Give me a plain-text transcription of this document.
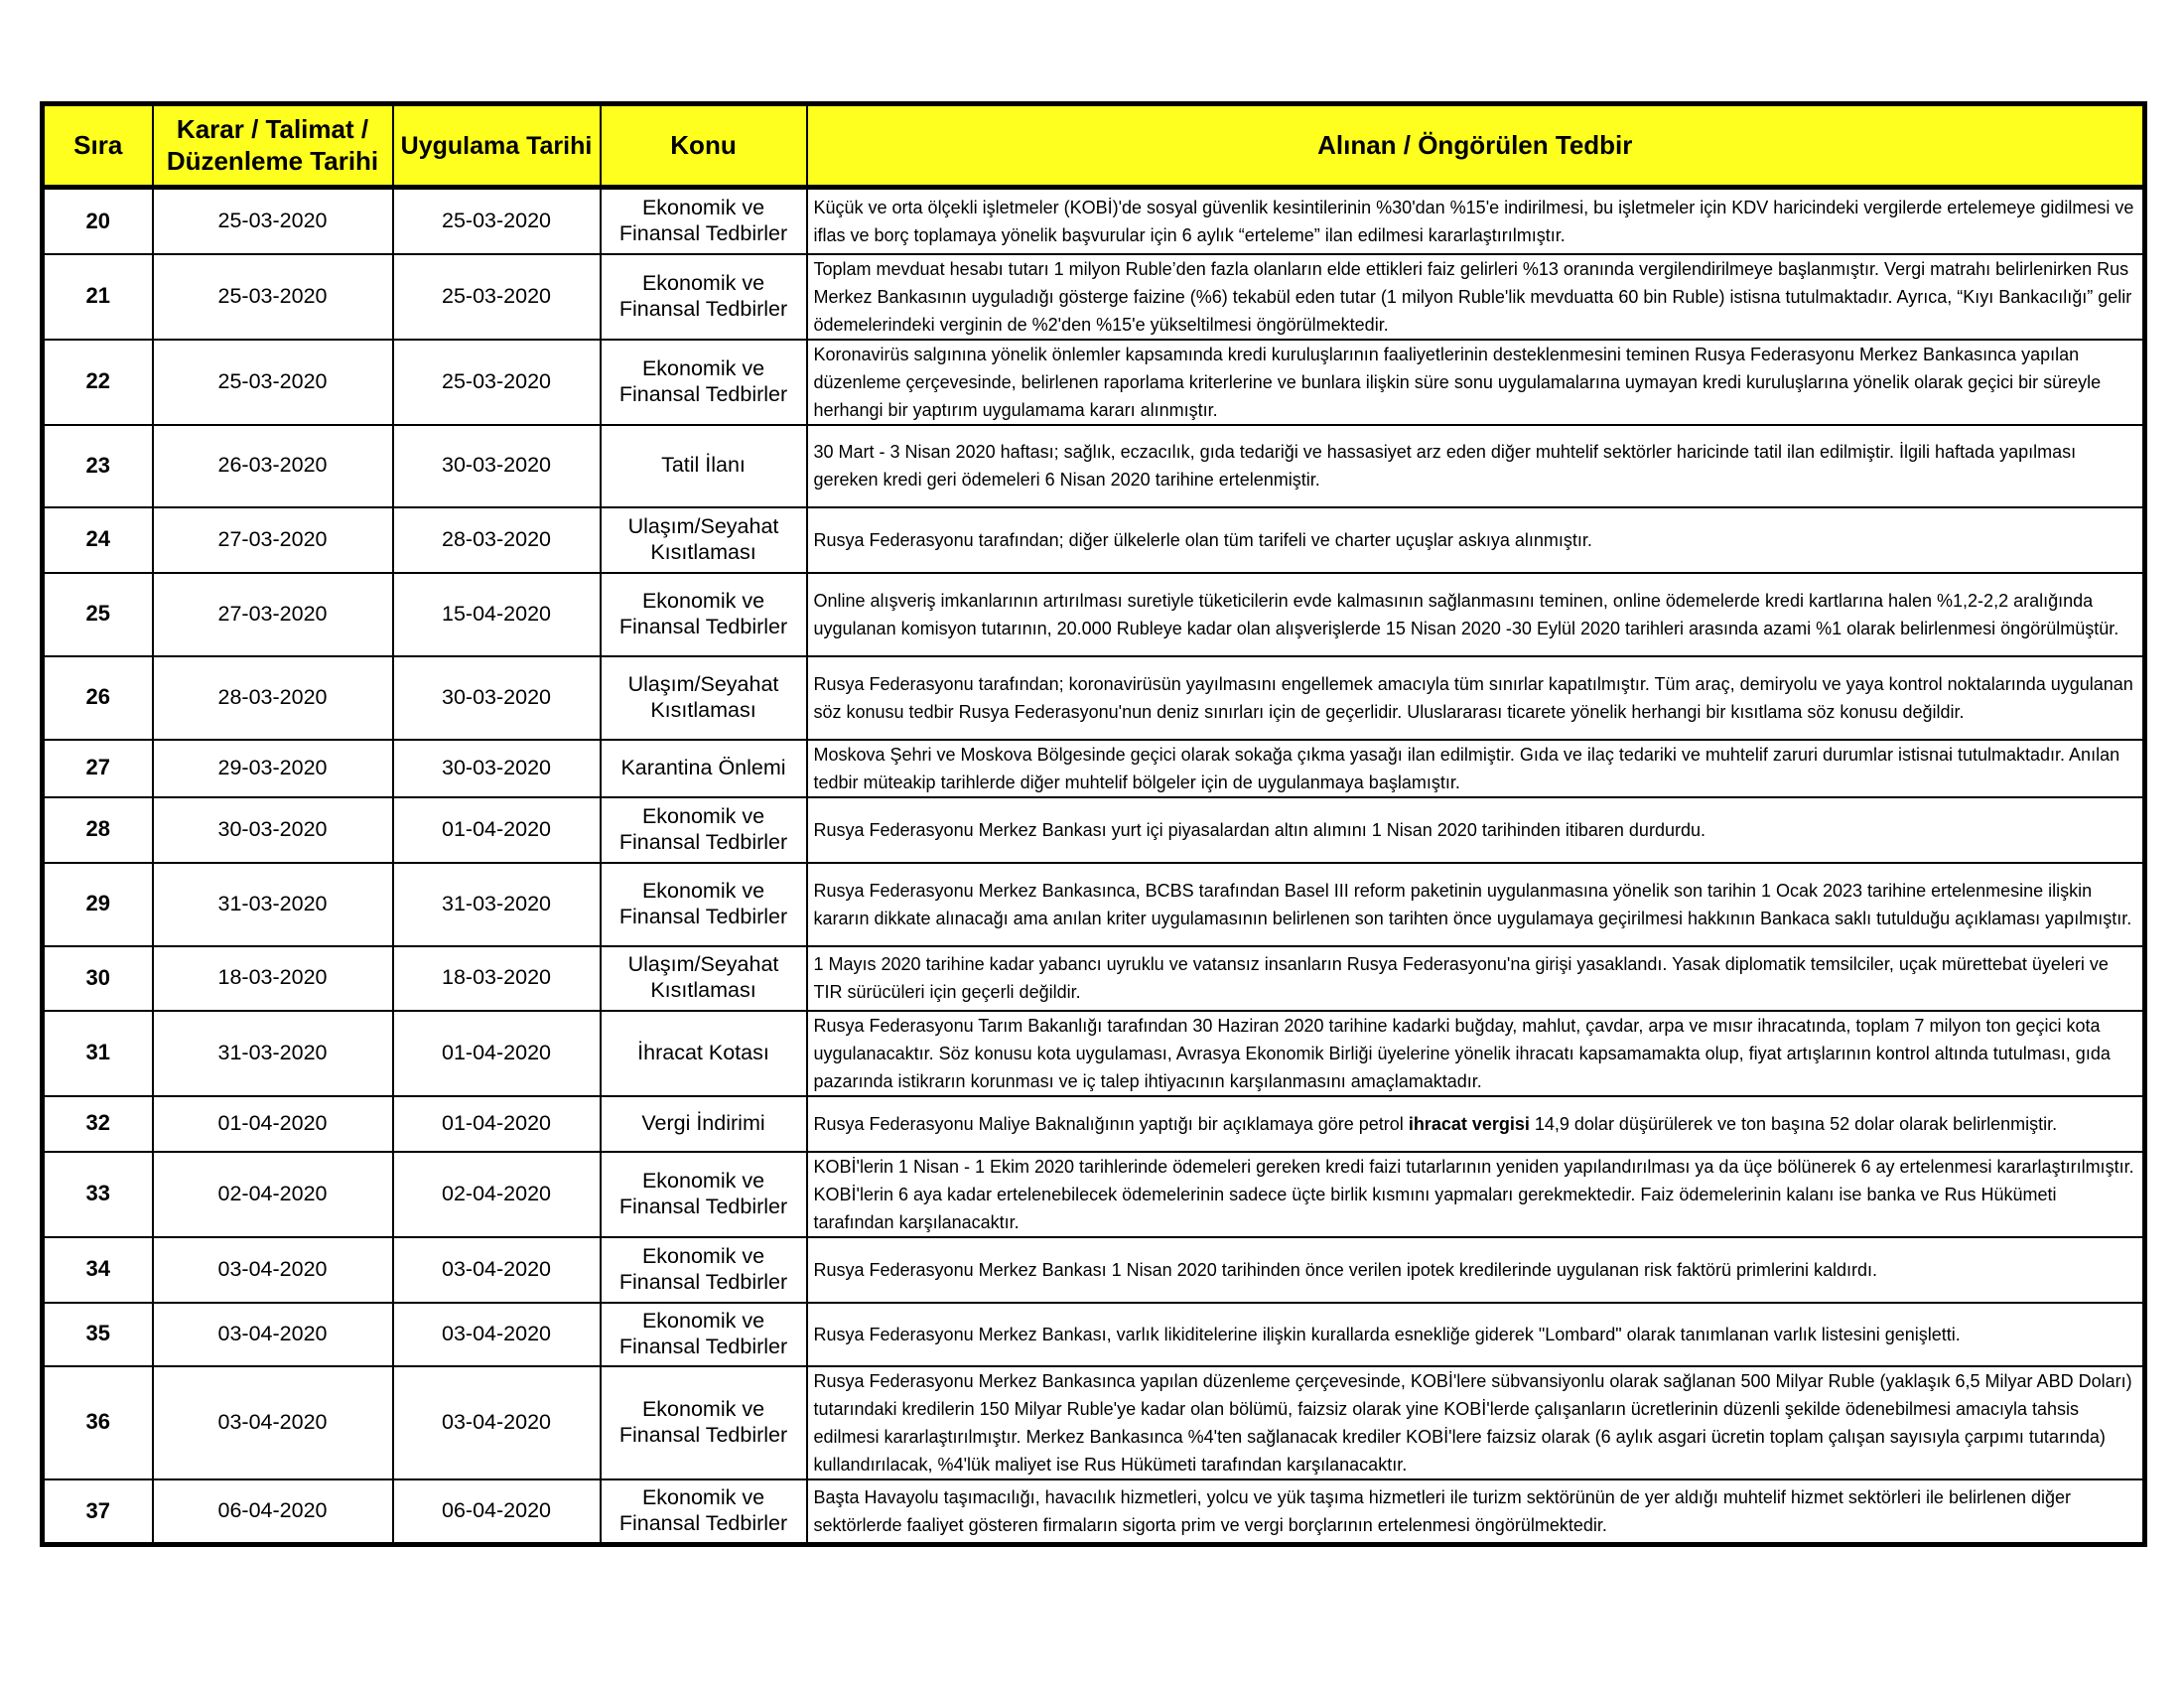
Sıra	Karar / Talimat /
Düzenleme Tarihi	Uygulama Tarihi	Konu	Alınan / Öngörülen Tedbir
20	25-03-2020	25-03-2020	Ekonomik ve Finansal Tedbirler	Küçük ve orta ölçekli işletmeler (KOBİ)'de sosyal güvenlik kesintilerinin %30'dan %15'e indirilmesi, bu işletmeler için KDV haricindeki vergilerde ertelemeye gidilmesi ve iflas ve borç toplamaya yönelik başvurular için 6 aylık “erteleme” ilan edilmesi kararlaştırılmıştır.
21	25-03-2020	25-03-2020	Ekonomik ve Finansal Tedbirler	Toplam mevduat hesabı tutarı 1 milyon Ruble’den fazla olanların elde ettikleri faiz gelirleri %13 oranında vergilendirilmeye başlanmıştır. Vergi matrahı belirlenirken Rus Merkez Bankasının uyguladığı gösterge faizine (%6) tekabül eden tutar (1 milyon Ruble'lik mevduatta 60 bin Ruble) istisna tutulmaktadır. Ayrıca, “Kıyı Bankacılığı” gelir ödemelerindeki verginin de %2'den %15'e yükseltilmesi öngörülmektedir.
22	25-03-2020	25-03-2020	Ekonomik ve Finansal Tedbirler	Koronavirüs salgınına yönelik önlemler kapsamında kredi kuruluşlarının faaliyetlerinin desteklenmesini teminen Rusya Federasyonu Merkez Bankasınca yapılan düzenleme çerçevesinde, belirlenen raporlama kriterlerine ve bunlara ilişkin süre sonu uygulamalarına uymayan kredi kuruluşlarına yönelik olarak geçici bir süreyle herhangi bir yaptırım uygulamama kararı alınmıştır.
23	26-03-2020	30-03-2020	Tatil İlanı	30 Mart - 3 Nisan 2020 haftası; sağlık, eczacılık, gıda tedariği ve hassasiyet arz eden diğer muhtelif sektörler haricinde tatil ilan edilmiştir. İlgili haftada yapılması gereken kredi geri ödemeleri 6 Nisan 2020 tarihine ertelenmiştir.
24	27-03-2020	28-03-2020	Ulaşım/Seyahat Kısıtlaması	Rusya Federasyonu tarafından; diğer ülkelerle olan tüm tarifeli ve charter uçuşlar askıya alınmıştır.
25	27-03-2020	15-04-2020	Ekonomik ve Finansal Tedbirler	Online alışveriş imkanlarının artırılması suretiyle tüketicilerin evde kalmasının sağlanmasını teminen, online ödemelerde kredi kartlarına halen %1,2-2,2 aralığında uygulanan komisyon tutarının, 20.000 Rubleye kadar olan alışverişlerde 15 Nisan 2020 -30 Eylül 2020 tarihleri arasında azami %1 olarak belirlenmesi öngörülmüştür.
26	28-03-2020	30-03-2020	Ulaşım/Seyahat Kısıtlaması	Rusya Federasyonu tarafından; koronavirüsün yayılmasını engellemek amacıyla tüm sınırlar kapatılmıştır. Tüm araç, demiryolu ve yaya kontrol noktalarında uygulanan söz konusu tedbir Rusya Federasyonu'nun deniz sınırları için de geçerlidir. Uluslararası ticarete yönelik herhangi bir kısıtlama söz konusu değildir.
27	29-03-2020	30-03-2020	Karantina Önlemi	Moskova Şehri ve Moskova Bölgesinde geçici olarak sokağa çıkma yasağı ilan edilmiştir. Gıda ve ilaç tedariki ve muhtelif zaruri durumlar istisnai tutulmaktadır. Anılan tedbir müteakip tarihlerde diğer muhtelif bölgeler için de uygulanmaya başlamıştır.
28	30-03-2020	01-04-2020	Ekonomik ve Finansal Tedbirler	Rusya Federasyonu Merkez Bankası yurt içi piyasalardan altın alımını 1 Nisan 2020 tarihinden itibaren durdurdu.
29	31-03-2020	31-03-2020	Ekonomik ve Finansal Tedbirler	Rusya Federasyonu Merkez Bankasınca, BCBS tarafından Basel III reform paketinin uygulanmasına yönelik son tarihin 1 Ocak 2023 tarihine ertelenmesine ilişkin kararın dikkate alınacağı ama anılan kriter uygulamasının belirlenen son tarihten önce uygulamaya geçirilmesi hakkının Bankaca saklı tutulduğu açıklaması yapılmıştır.
30	18-03-2020	18-03-2020	Ulaşım/Seyahat Kısıtlaması	1 Mayıs 2020 tarihine kadar yabancı uyruklu ve vatansız insanların Rusya Federasyonu'na girişi yasaklandı. Yasak diplomatik temsilciler, uçak mürettebat üyeleri ve TIR sürücüleri için geçerli değildir.
31	31-03-2020	01-04-2020	İhracat Kotası	Rusya Federasyonu Tarım Bakanlığı tarafından 30 Haziran 2020 tarihine kadarki buğday, mahlut, çavdar, arpa ve mısır ihracatında, toplam 7 milyon ton geçici kota uygulanacaktır. Söz konusu kota uygulaması, Avrasya Ekonomik Birliği üyelerine yönelik ihracatı kapsamamakta olup, fiyat artışlarının kontrol altında tutulması, gıda pazarında istikrarın korunması ve iç talep ihtiyacının karşılanmasını amaçlamaktadır.
32	01-04-2020	01-04-2020	Vergi İndirimi	Rusya Federasyonu Maliye Baknalığının yaptığı bir açıklamaya göre petrol ihracat vergisi 14,9 dolar düşürülerek ve ton başına 52 dolar olarak belirlenmiştir.
33	02-04-2020	02-04-2020	Ekonomik ve Finansal Tedbirler	KOBİ'lerin 1 Nisan - 1 Ekim 2020 tarihlerinde ödemeleri gereken kredi faizi tutarlarının yeniden yapılandırılması ya da üçe bölünerek 6 ay ertelenmesi kararlaştırılmıştır. KOBİ'lerin 6 aya kadar ertelenebilecek ödemelerinin sadece üçte birlik kısmını yapmaları gerekmektedir. Faiz ödemelerinin kalanı ise banka ve Rus Hükümeti tarafından karşılanacaktır.
34	03-04-2020	03-04-2020	Ekonomik ve Finansal Tedbirler	Rusya Federasyonu Merkez Bankası 1 Nisan 2020 tarihinden önce verilen ipotek kredilerinde uygulanan risk faktörü primlerini kaldırdı.
35	03-04-2020	03-04-2020	Ekonomik ve Finansal Tedbirler	Rusya Federasyonu Merkez Bankası, varlık likiditelerine ilişkin kurallarda esnekliğe giderek "Lombard" olarak tanımlanan varlık listesini genişletti.
36	03-04-2020	03-04-2020	Ekonomik ve Finansal Tedbirler	Rusya Federasyonu Merkez Bankasınca yapılan düzenleme çerçevesinde, KOBİ'lere sübvansiyonlu olarak sağlanan 500 Milyar Ruble (yaklaşık 6,5 Milyar ABD Doları) tutarındaki kredilerin 150 Milyar Ruble'ye kadar olan bölümü, faizsiz olarak yine KOBİ'lerde çalışanların ücretlerinin düzenli şekilde ödenebilmesi amacıyla tahsis edilmesi kararlaştırılmıştır. Merkez Bankasınca %4'ten sağlanacak krediler KOBİ'lere faizsiz olarak (6 aylık asgari ücretin toplam çalışan sayısıyla çarpımı tutarında) kullandırılacak, %4'lük maliyet ise Rus Hükümeti tarafından karşılanacaktır.
37	06-04-2020	06-04-2020	Ekonomik ve Finansal Tedbirler	Başta Havayolu taşımacılığı, havacılık hizmetleri, yolcu ve yük taşıma hizmetleri ile turizm sektörünün de yer aldığı muhtelif hizmet sektörleri ile belirlenen diğer sektörlerde faaliyet gösteren firmaların sigorta prim ve vergi borçlarının ertelenmesi öngörülmektedir.
